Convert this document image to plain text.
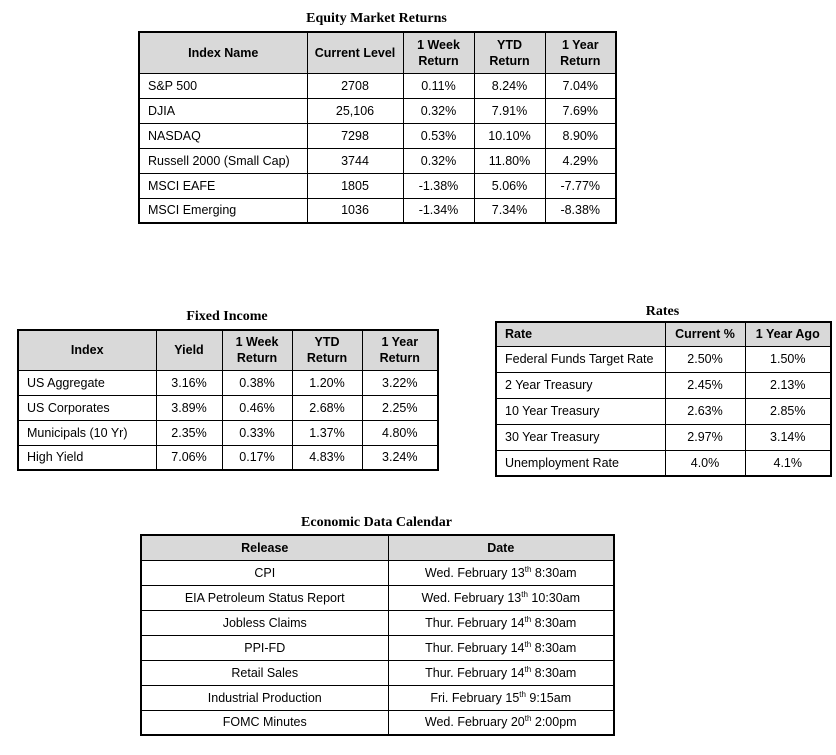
Equity Market Returns
Index Name	Current Level	1 Week Return	YTD Return	1 Year Return
S&P 500	2708	0.11%	8.24%	7.04%
DJIA	25,106	0.32%	7.91%	7.69%
NASDAQ	7298	0.53%	10.10%	8.90%
Russell 2000 (Small Cap)	3744	0.32%	11.80%	4.29%
MSCI EAFE	1805	-1.38%	5.06%	-7.77%
MSCI Emerging	1036	-1.34%	7.34%	-8.38%
Fixed Income
Index	Yield	1 Week Return	YTD Return	1 Year Return
US Aggregate	3.16%	0.38%	1.20%	3.22%
US Corporates	3.89%	0.46%	2.68%	2.25%
Municipals (10 Yr)	2.35%	0.33%	1.37%	4.80%
High Yield	7.06%	0.17%	4.83%	3.24%
Rates
Rate	Current %	1 Year Ago
Federal Funds Target Rate	2.50%	1.50%
2 Year Treasury	2.45%	2.13%
10 Year Treasury	2.63%	2.85%
30 Year Treasury	2.97%	3.14%
Unemployment Rate	4.0%	4.1%
Economic Data Calendar
Release	Date
CPI	Wed. February 13th 8:30am
EIA Petroleum Status Report	Wed. February 13th 10:30am
Jobless Claims	Thur. February 14th 8:30am
PPI-FD	Thur. February 14th 8:30am
Retail Sales	Thur. February 14th 8:30am
Industrial Production	Fri. February 15th 9:15am
FOMC Minutes	Wed. February 20th 2:00pm
